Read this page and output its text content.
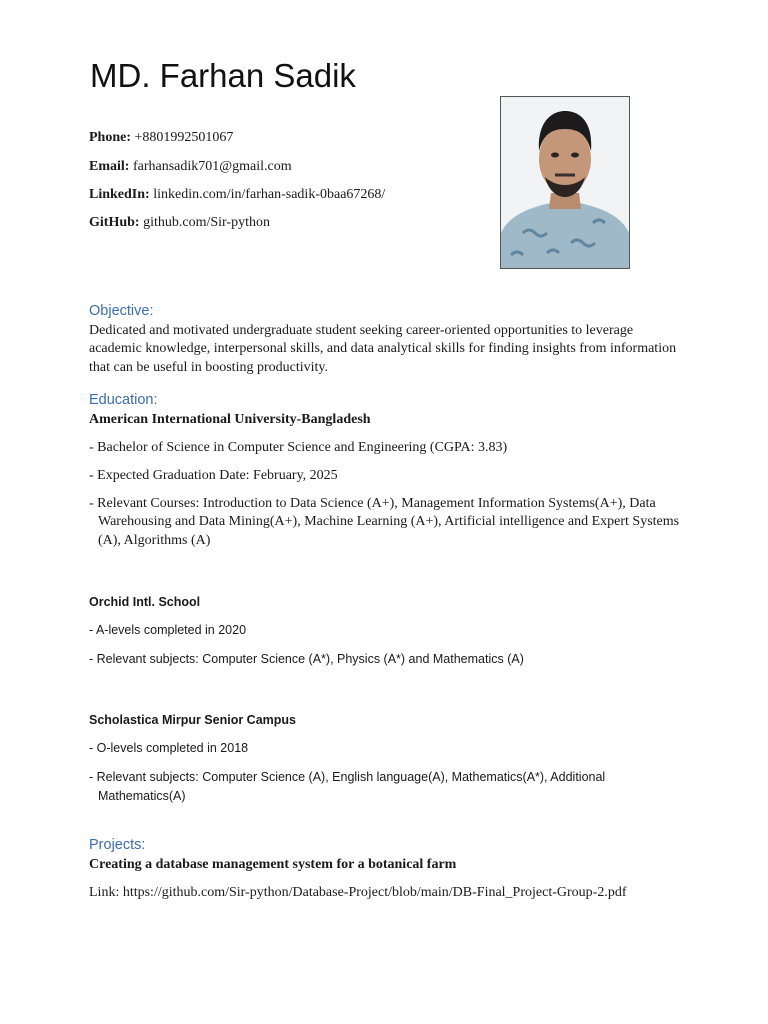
MD. Farhan Sadik
Phone: +8801992501067
Email: farhansadik701@gmail.com
LinkedIn: linkedin.com/in/farhan-sadik-0baa67268/
GitHub: github.com/Sir-python
Objective:
Dedicated and motivated undergraduate student seeking career-oriented opportunities to leverage academic knowledge, interpersonal skills, and data analytical skills for finding insights from information that can be useful in boosting productivity.
Education:
American International University-Bangladesh
- Bachelor of Science in Computer Science and Engineering (CGPA: 3.83)
- Expected Graduation Date: February, 2025
- Relevant Courses: Introduction to Data Science (A+), Management Information Systems(A+), Data Warehousing and Data Mining(A+), Machine Learning (A+), Artificial intelligence and Expert Systems (A), Algorithms (A)
Orchid Intl. School
- A-levels completed in 2020
- Relevant subjects: Computer Science (A*), Physics (A*) and Mathematics (A)
Scholastica Mirpur Senior Campus
- O-levels completed in 2018
- Relevant subjects: Computer Science (A), English language(A), Mathematics(A*), Additional Mathematics(A)
Projects:
Creating a database management system for a botanical farm
Link: https://github.com/Sir-python/Database-Project/blob/main/DB-Final_Project-Group-2.pdf
